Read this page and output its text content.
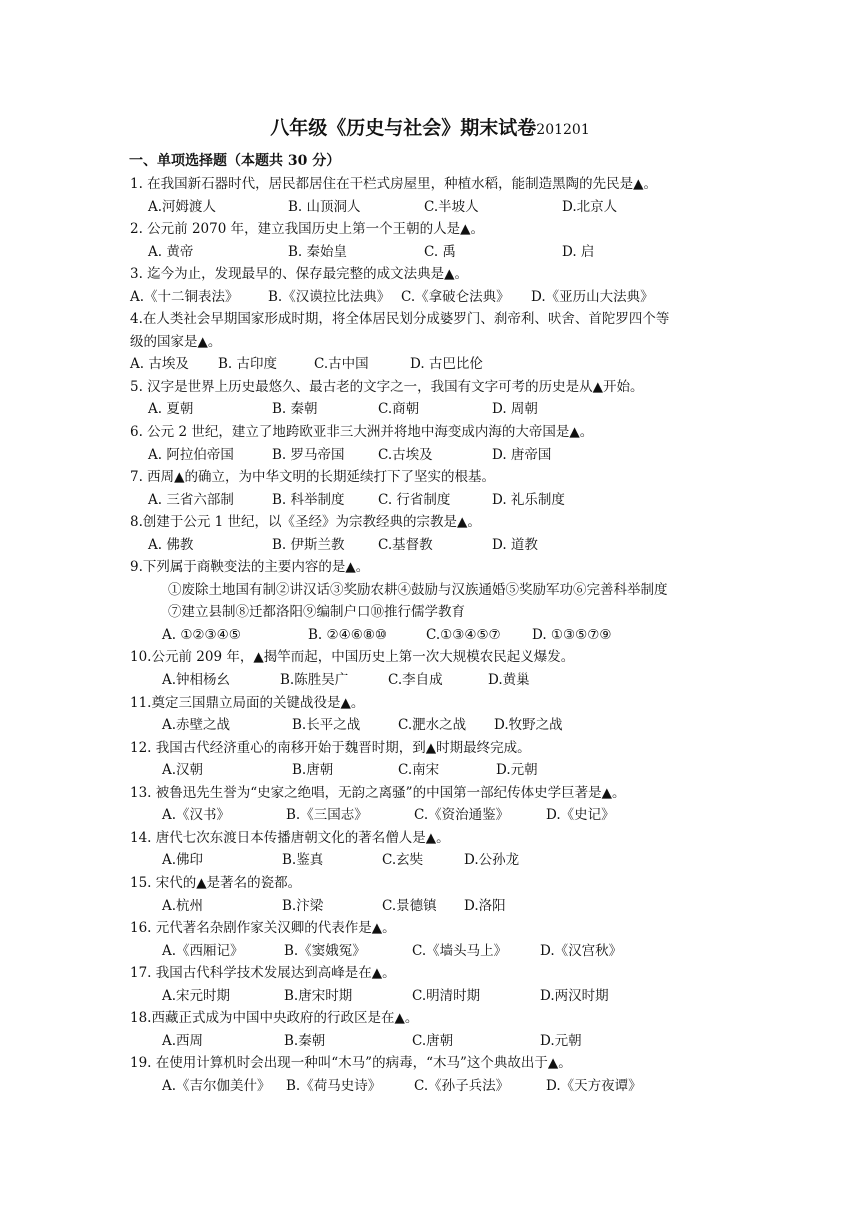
八年级《历史与社会》期末试卷201201
一、单项选择题（本题共 30 分）
1. 在我国新石器时代，居民都居住在干栏式房屋里，种植水稻，能制造黑陶的先民是▲。
A.河姆渡人	B. 山顶洞人	C.半坡人	D.北京人
2. 公元前 2070 年，建立我国历史上第一个王朝的人是▲。
A. 黄帝	B. 秦始皇	C. 禹	D. 启
3. 迄今为止，发现最早的、保存最完整的成文法典是▲。
A.《十二铜表法》 B.《汉谟拉比法典》 C.《拿破仑法典》 D.《亚历山大法典》
4.在人类社会早期国家形成时期，将全体居民划分成婆罗门、刹帝利、吠舍、首陀罗四个等
级的国家是▲。
A. 古埃及 B. 古印度	C.古中国	D. 古巴比伦
5. 汉字是世界上历史最悠久、最古老的文字之一，我国有文字可考的历史是从▲开始。
A. 夏朝	B. 秦朝	C.商朝	D. 周朝
6. 公元 2 世纪，建立了地跨欧亚非三大洲并将地中海变成内海的大帝国是▲。
A. 阿拉伯帝国	B. 罗马帝国 C.古埃及	D. 唐帝国
7. 西周▲的确立，为中华文明的长期延续打下了坚实的根基。
A. 三省六部制	B. 科举制度 C. 行省制度	D. 礼乐制度
8.创建于公元 1 世纪，以《圣经》为宗教经典的宗教是▲。
A. 佛教	B. 伊斯兰教 C.基督教	D. 道教
9.下列属于商鞅变法的主要内容的是▲。
①废除土地国有制②讲汉话③奖励农耕④鼓励与汉族通婚⑤奖励军功⑥完善科举制度
⑦建立县制⑧迁都洛阳⑨编制户口⑩推行儒学教育
A. ①②③④⑤	B. ②④⑥⑧⑩	C.①③④⑤⑦ D. ①③⑤⑦⑨
10.公元前 209 年，▲揭竿而起，中国历史上第一次大规模农民起义爆发。
A.钟相杨幺	B.陈胜吴广	C.李自成	D.黄巢
11.奠定三国鼎立局面的关键战役是▲。
A.赤壁之战	B.长平之战	C.淝水之战 D.牧野之战
12. 我国古代经济重心的南移开始于魏晋时期，到▲时期最终完成。
A.汉朝	B.唐朝	C.南宋	D.元朝
13. 被鲁迅先生誉为“史家之绝唱，无韵之离骚”的中国第一部纪传体史学巨著是▲。
A.《汉书》	B.《三国志》	C.《资治通鉴》	D.《史记》
14. 唐代七次东渡日本传播唐朝文化的著名僧人是▲。
A.佛印	B.鉴真	C.玄奘	D.公孙龙
15. 宋代的▲是著名的瓷都。
A.杭州	B.汴梁	C.景德镇 D.洛阳
16. 元代著名杂剧作家关汉卿的代表作是▲。
A.《西厢记》	B.《窦娥冤》	C.《墙头马上》 D.《汉宫秋》
17. 我国古代科学技术发展达到高峰是在▲。
A.宋元时期	B.唐宋时期	C.明清时期	D.两汉时期
18.西藏正式成为中国中央政府的行政区是在▲。
A.西周	B.秦朝	C.唐朝	D.元朝
19. 在使用计算机时会出现一种叫“木马”的病毒，“木马”这个典故出于▲。
A.《吉尔伽美什》 B.《荷马史诗》 C.《孙子兵法》	D.《天方夜谭》
